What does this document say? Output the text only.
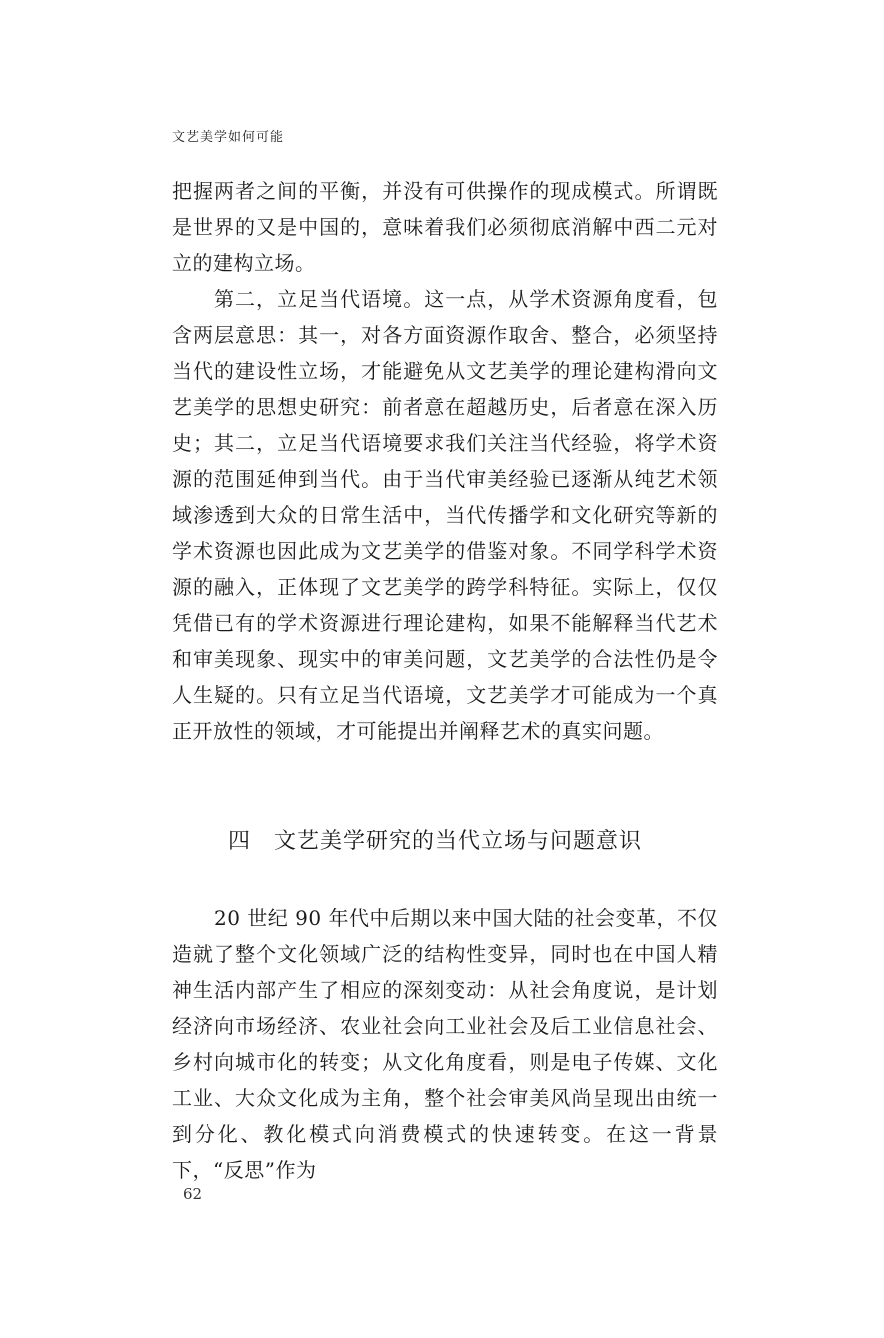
文艺美学如何可能

把握两者之间的平衡，并没有可供操作的现成模式。所谓既是世界的又是中国的，意味着我们必须彻底消解中西二元对立的建构立场。

第二，立足当代语境。这一点，从学术资源角度看，包含两层意思：其一，对各方面资源作取舍、整合，必须坚持当代的建设性立场，才能避免从文艺美学的理论建构滑向文艺美学的思想史研究：前者意在超越历史，后者意在深入历史；其二，立足当代语境要求我们关注当代经验，将学术资源的范围延伸到当代。由于当代审美经验已逐渐从纯艺术领域渗透到大众的日常生活中，当代传播学和文化研究等新的学术资源也因此成为文艺美学的借鉴对象。不同学科学术资源的融入，正体现了文艺美学的跨学科特征。实际上，仅仅凭借已有的学术资源进行理论建构，如果不能解释当代艺术和审美现象、现实中的审美问题，文艺美学的合法性仍是令人生疑的。只有立足当代语境，文艺美学才可能成为一个真正开放性的领域，才可能提出并阐释艺术的真实问题。

四　文艺美学研究的当代立场与问题意识

20 世纪 90 年代中后期以来中国大陆的社会变革，不仅造就了整个文化领域广泛的结构性变异，同时也在中国人精神生活内部产生了相应的深刻变动：从社会角度说，是计划经济向市场经济、农业社会向工业社会及后工业信息社会、乡村向城市化的转变；从文化角度看，则是电子传媒、文化工业、大众文化成为主角，整个社会审美风尚呈现出由统一到分化、教化模式向消费模式的快速转变。在这一背景下，“反思”作为

62
